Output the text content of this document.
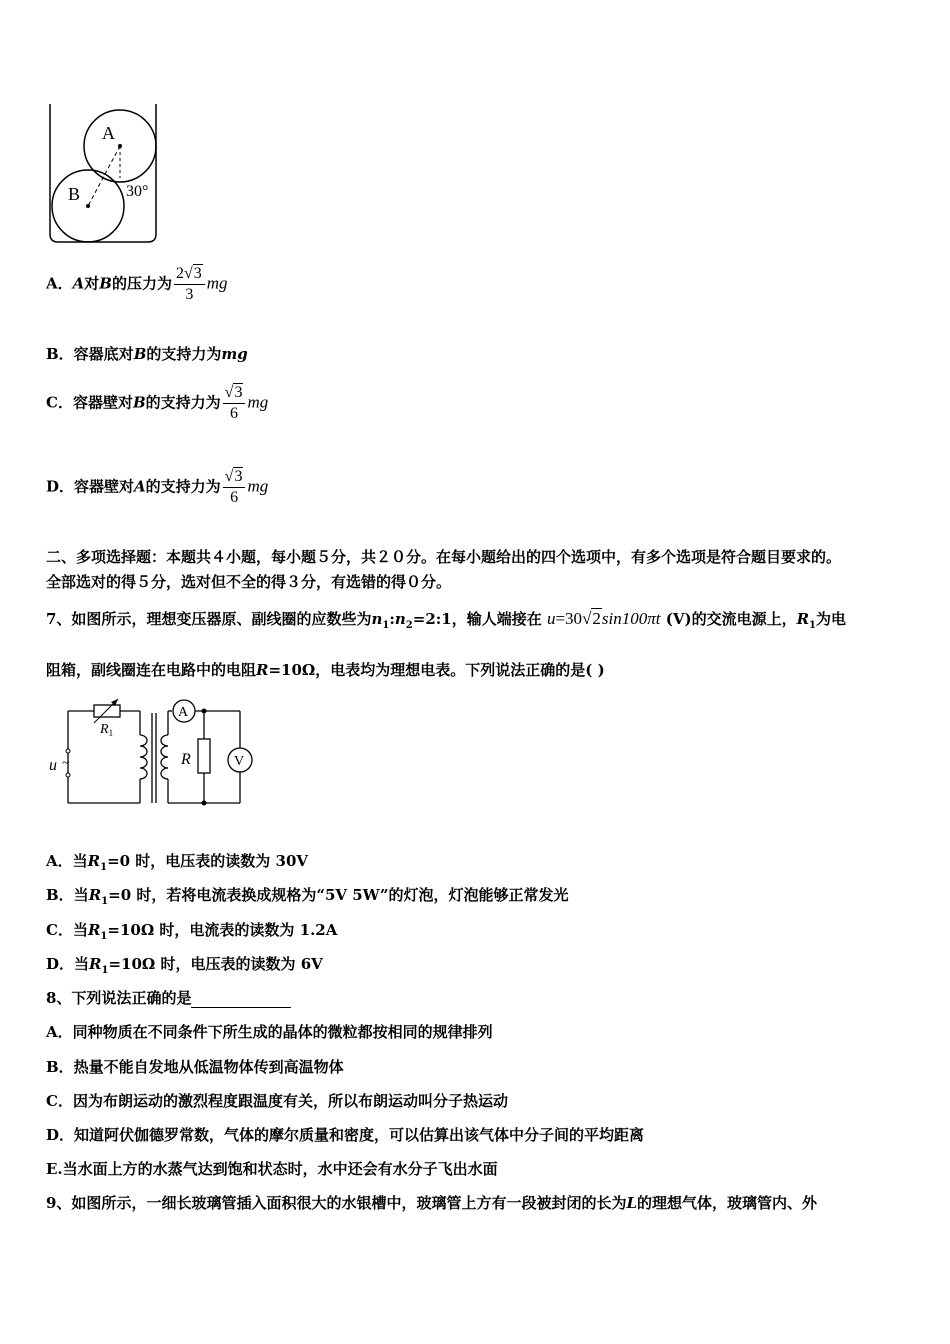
A
B	30°
A．A对B的压力为 $\frac{2√3}{3}$ mg
B．容器底对B的支持力为mg
C．容器壁对B的支持力为 $\frac{√3}{6}$ mg
D．容器壁对A的支持力为 $\frac{√3}{6}$ mg
二、多项选择题：本题共４小题，每小题５分，共２０分。在每小题给出的四个选项中，有多个选项是符合题目要求的。
全部选对的得５分，选对但不全的得３分，有选错的得０分。
7、如图所示，理想变压器原、副线圈的应数些为$n_1:n_2=2:1$，输人端接在 u=30√2sin100πt (V)的交流电源上，$R_1$为电
阻箱，副线圈连在电路中的电阻R=10Ω，电表均为理想电表。下列说法正确的是( )
~
u
$R_1$
A
R	V
A．当$R_1=0$ 时，电压表的读数为 30V
B．当$R_1=0$ 时，若将电流表换成规格为“5V 5W”的灯泡，灯泡能够正常发光
C．当$R_1=10\Omega$ 时，电流表的读数为 1.2A
D．当$R_1=10\Omega$ 时，电压表的读数为 6V
8、下列说法正确的是
A．同种物质在不同条件下所生成的晶体的微粒都按相同的规律排列
B．热量不能自发地从低温物体传到高温物体
C．因为布朗运动的激烈程度跟温度有关，所以布朗运动叫分子热运动
D．知道阿伏伽德罗常数，气体的摩尔质量和密度，可以估算出该气体中分子间的平均距离
E.当水面上方的水蒸气达到饱和状态时，水中还会有水分子飞出水面
9、如图所示，一细长玻璃管插入面积很大的水银槽中，玻璃管上方有一段被封闭的长为L的理想气体，玻璃管内、外
